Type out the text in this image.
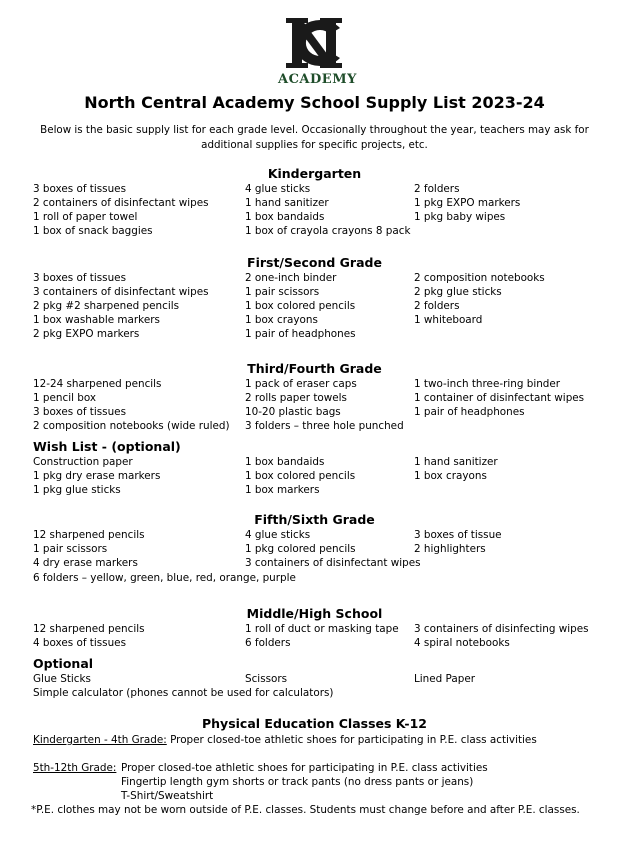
ACADEMY
North Central Academy School Supply List 2023-24
Below is the basic supply list for each grade level. Occasionally throughout the year, teachers may ask for additional supplies for specific projects, etc.
Kindergarten
3 boxes of tissues
2 containers of disinfectant wipes
1 roll of paper towel
1 box of snack baggies
4 glue sticks
1 hand sanitizer
1 box bandaids
1 box of crayola crayons 8 pack
2 folders
1 pkg EXPO markers
1 pkg baby wipes
First/Second Grade
3 boxes of tissues
3 containers of disinfectant wipes
2 pkg #2 sharpened pencils
1 box washable markers
2 pkg EXPO markers
2 one-inch binder
1 pair scissors
1 box colored pencils
1 box crayons
1 pair of headphones
2 composition notebooks
2 pkg glue sticks
2 folders
1 whiteboard
Third/Fourth Grade
12-24 sharpened pencils
1 pencil box
3 boxes of tissues
2 composition notebooks (wide ruled)
1 pack of eraser caps
2 rolls paper towels
10-20 plastic bags
3 folders – three hole punched
1 two-inch three-ring binder
1 container of disinfectant wipes
1 pair of headphones
Wish List - (optional)
Construction paper
1 pkg dry erase markers
1 pkg glue sticks
1 box bandaids
1 box colored pencils
1 box markers
1 hand sanitizer
1 box crayons
Fifth/Sixth Grade
12 sharpened pencils
1 pair scissors
4 dry erase markers
4 glue sticks
1 pkg colored pencils
3 containers of disinfectant wipes
3 boxes of tissue
2 highlighters
6 folders – yellow, green, blue, red, orange, purple
Middle/High School
12 sharpened pencils
4 boxes of tissues
1 roll of duct or masking tape
6 folders
3 containers of disinfecting wipes
4 spiral notebooks
Optional
Glue Sticks	Scissors	Lined Paper
Simple calculator (phones cannot be used for calculators)
Physical Education Classes K-12
Kindergarten - 4th Grade: Proper closed-toe athletic shoes for participating in P.E. class activities
5th-12th Grade: Proper closed-toe athletic shoes for participating in P.E. class activities
Fingertip length gym shorts or track pants (no dress pants or jeans)
T-Shirt/Sweatshirt
*P.E. clothes may not be worn outside of P.E. classes. Students must change before and after P.E. classes.
